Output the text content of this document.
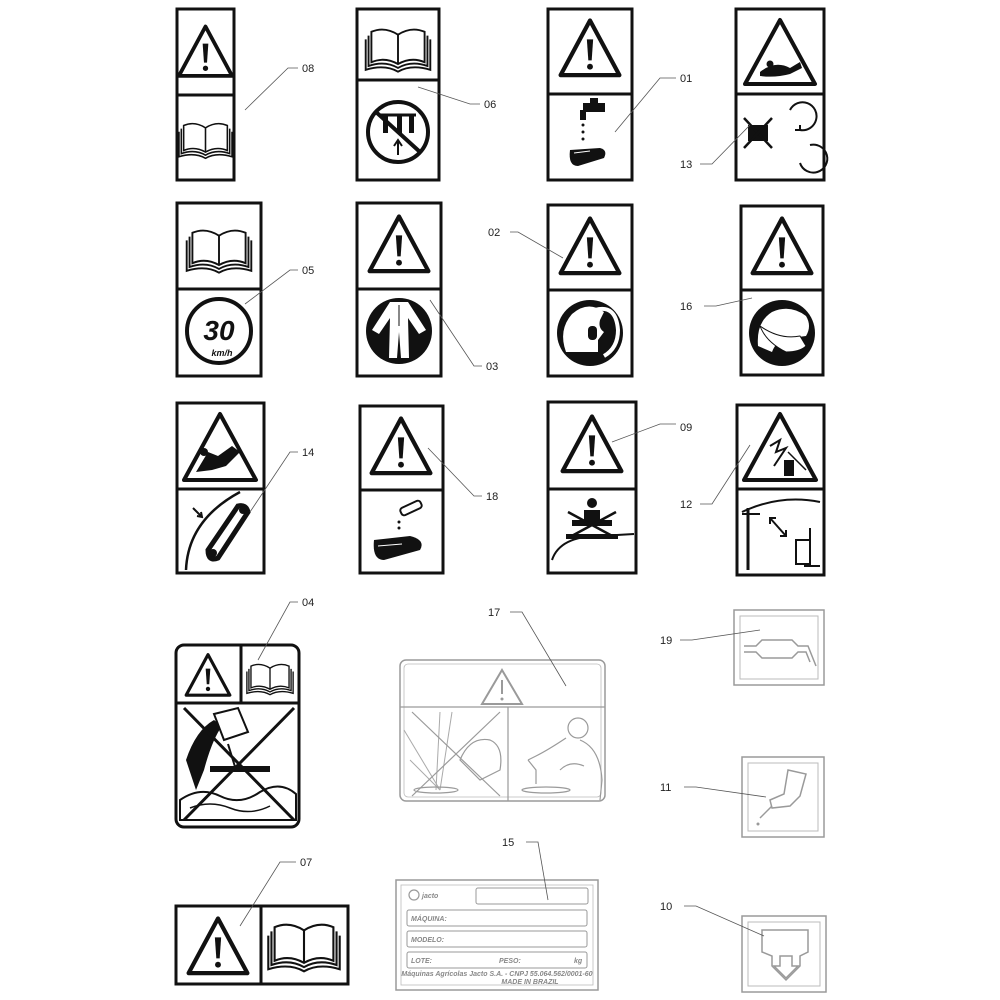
08
06
01
13
30
km/h
05
03
02
16
14
18
09
12
04
17
19
11
jacto
MÁQUINA:
MODELO:
LOTE:	PESO:	kg
Máquinas Agrícolas Jacto S.A. - CNPJ 55.064.562/0001-60
MADE IN BRAZIL
15
07
10
